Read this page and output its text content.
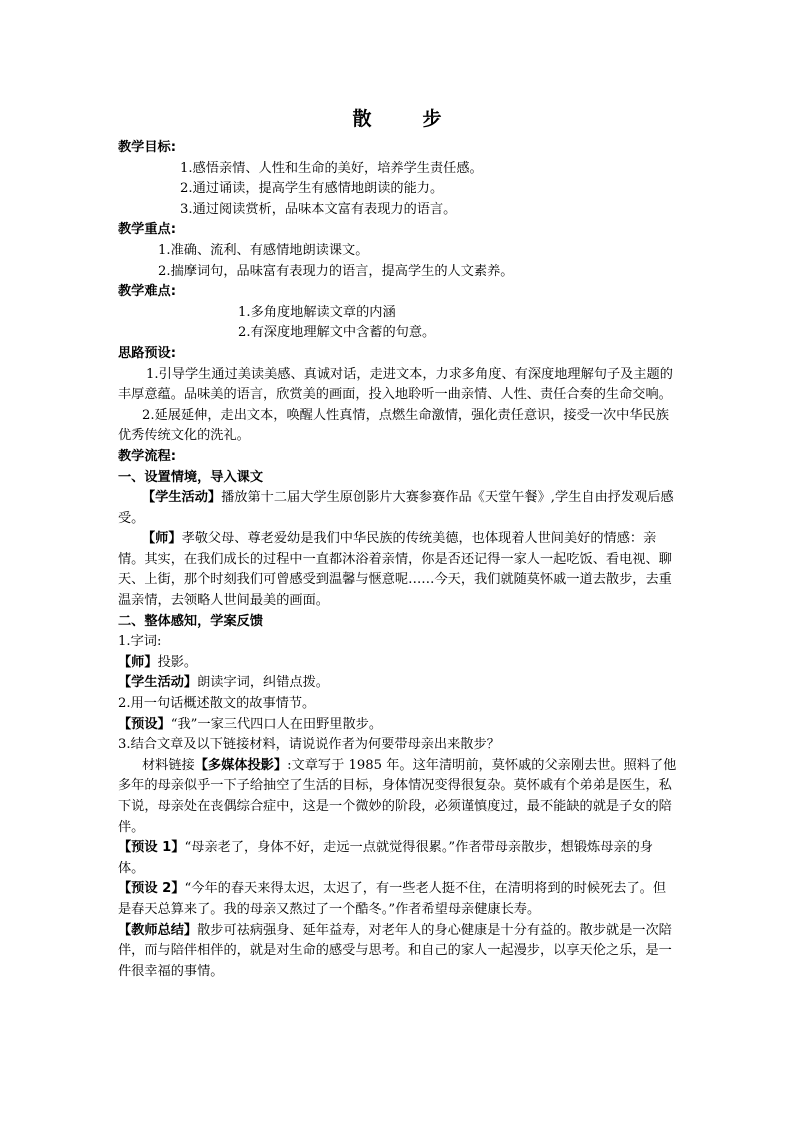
散　步

教学目标:

1.感悟亲情、人性和生命的美好，培养学生责任感。

2.通过诵读，提高学生有感情地朗读的能力。

3.通过阅读赏析，品味本文富有表现力的语言。

教学重点:

1.准确、流利、有感情地朗读课文。

2.揣摩词句，品味富有表现力的语言，提高学生的人文素养。

教学难点:

1.多角度地解读文章的内涵

2.有深度地理解文中含蓄的句意。

思路预设:

1.引导学生通过美读美感、真诚对话，走进文本，力求多角度、有深度地理解句子及主题的丰厚意蕴。品味美的语言，欣赏美的画面，投入地聆听一曲亲情、人性、责任合奏的生命交响。

2.延展延伸，走出文本，唤醒人性真情，点燃生命激情，强化责任意识，接受一次中华民族优秀传统文化的洗礼。

教学流程:

一、设置情境，导入课文

【学生活动】播放第十二届大学生原创影片大赛参赛作品《天堂午餐》,学生自由抒发观后感受。

【师】孝敬父母、尊老爱幼是我们中华民族的传统美德，也体现着人世间美好的情感：亲情。其实，在我们成长的过程中一直都沐浴着亲情，你是否还记得一家人一起吃饭、看电视、聊天、上街，那个时刻我们可曾感受到温馨与惬意呢……今天，我们就随莫怀戚一道去散步，去重温亲情，去领略人世间最美的画面。

二、整体感知，学案反馈

1.字词:

【师】投影。

【学生活动】朗读字词，纠错点拨。

2.用一句话概述散文的故事情节。

【预设】“我”一家三代四口人在田野里散步。

3.结合文章及以下链接材料，请说说作者为何要带母亲出来散步？

材料链接【多媒体投影】:文章写于 1985 年。这年清明前，莫怀戚的父亲刚去世。照料了他多年的母亲似乎一下子给抽空了生活的目标，身体情况变得很复杂。莫怀戚有个弟弟是医生，私下说，母亲处在丧偶综合症中，这是一个微妙的阶段，必须谨慎度过，最不能缺的就是子女的陪伴。

【预设 1】“母亲老了，身体不好，走远一点就觉得很累。”作者带母亲散步，想锻炼母亲的身体。

【预设 2】“今年的春天来得太迟，太迟了，有一些老人挺不住，在清明将到的时候死去了。但是春天总算来了。我的母亲又熬过了一个酷冬。”作者希望母亲健康长寿。

【教师总结】散步可祛病强身、延年益寿，对老年人的身心健康是十分有益的。散步就是一次陪伴，而与陪伴相伴的，就是对生命的感受与思考。和自己的家人一起漫步，以享天伦之乐，是一件很幸福的事情。
